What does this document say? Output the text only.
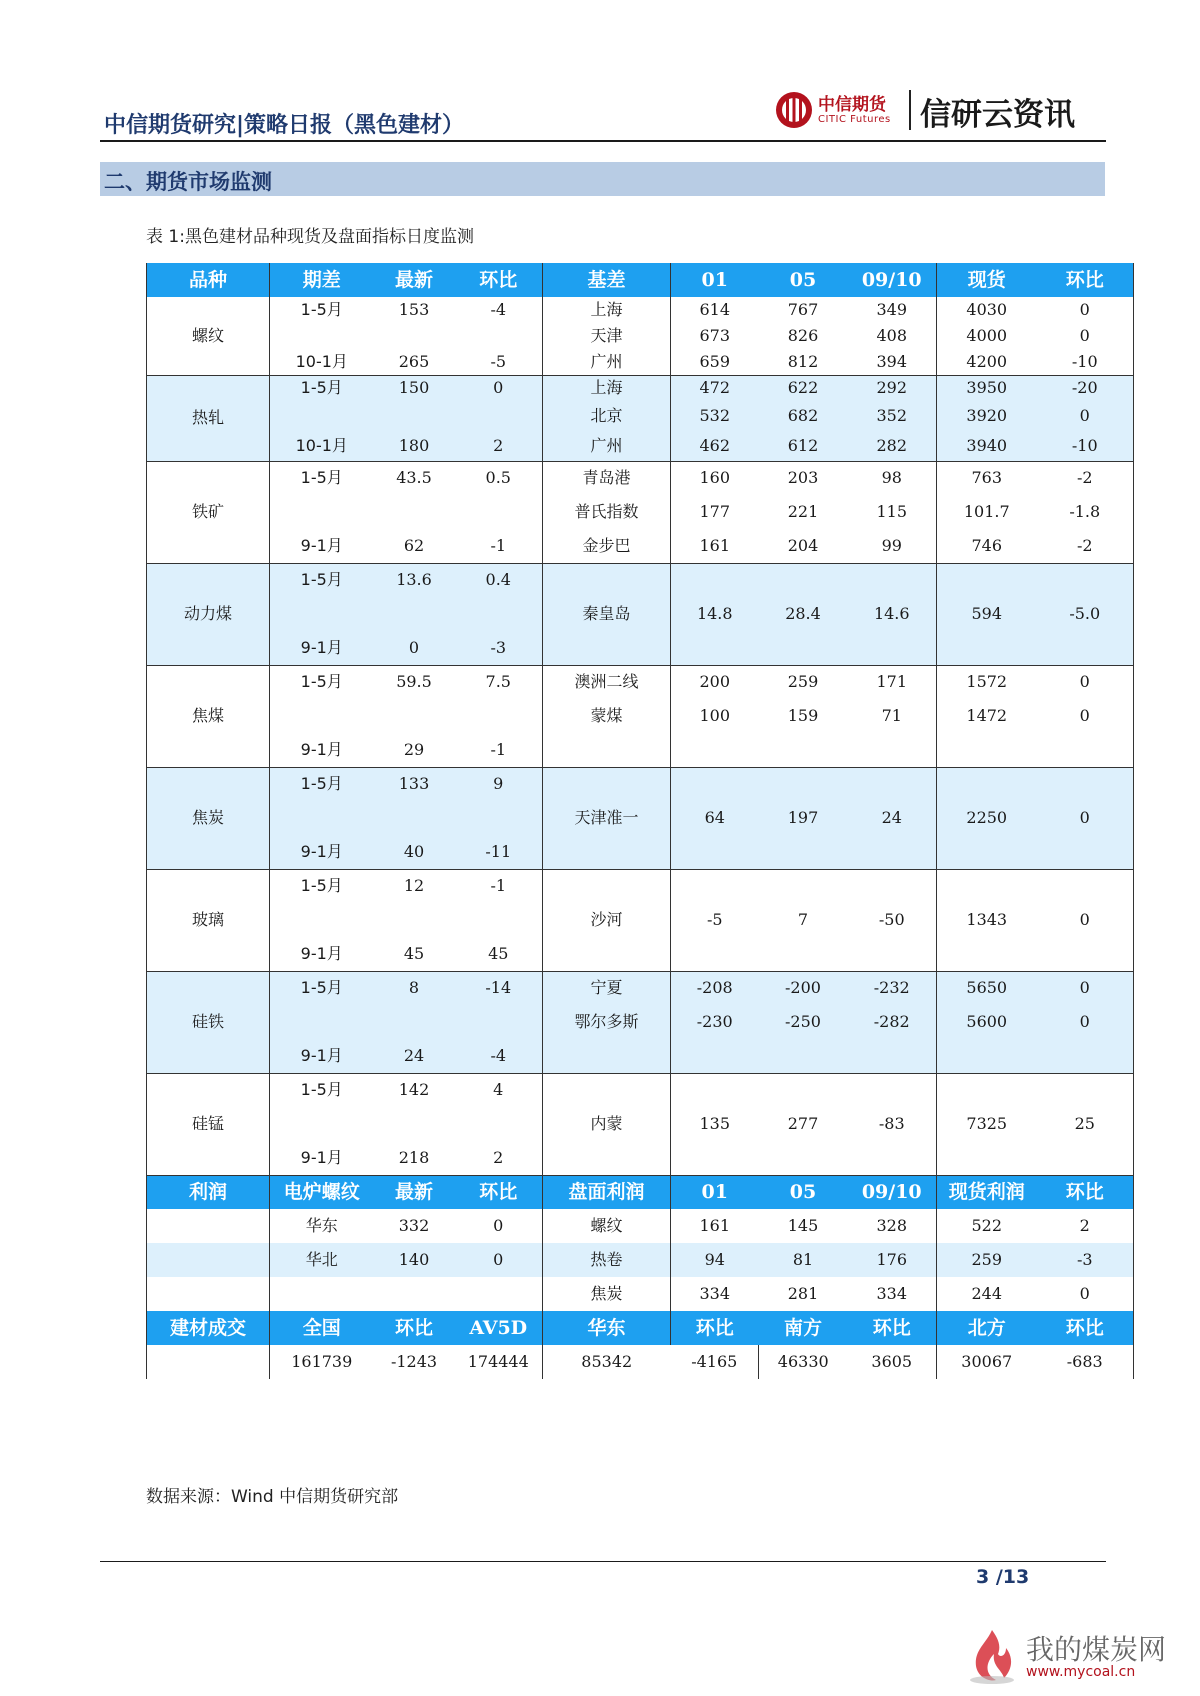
中信期货研究|策略日报（黑色建材）
中信期货
CITIC Futures 信研云资讯
二、期货市场监测
表 1:黑色建材品种现货及盘面指标日度监测
品种	期差	最新	环比	基差	01	05	09/10	现货	环比
螺纹	1-5月	153	-4	上海	614	767	349	4030	0
				天津	673	826	408	4000	0
	10-1月	265	-5	广州	659	812	394	4200	-10
热轧	1-5月	150	0	上海	472	622	292	3950	-20
				北京	532	682	352	3920	0
	10-1月	180	2	广州	462	612	282	3940	-10
铁矿	1-5月	43.5	0.5	青岛港	160	203	98	763	-2
				普氏指数	177	221	115	101.7	-1.8
	9-1月	62	-1	金步巴	161	204	99	746	-2
动力煤	1-5月	13.6	0.4						
				秦皇岛	14.8	28.4	14.6	594	-5.0
	9-1月	0	-3						
焦煤	1-5月	59.5	7.5	澳洲二线	200	259	171	1572	0
				蒙煤	100	159	71	1472	0
	9-1月	29	-1						
焦炭	1-5月	133	9						
				天津准一	64	197	24	2250	0
	9-1月	40	-11						
玻璃	1-5月	12	-1						
				沙河	-5	7	-50	1343	0
	9-1月	45	45						
硅铁	1-5月	8	-14	宁夏	-208	-200	-232	5650	0
				鄂尔多斯	-230	-250	-282	5600	0
	9-1月	24	-4						
硅锰	1-5月	142	4						
				内蒙	135	277	-83	7325	25
	9-1月	218	2						
利润	电炉螺纹	最新	环比	盘面利润	01	05	09/10	现货利润	环比
	华东	332	0	螺纹	161	145	328	522	2
	华北	140	0	热卷	94	81	176	259	-3
				焦炭	334	281	334	244	0
建材成交	全国	环比	AV5D	华东	环比	南方	环比	北方	环比
	161739	-1243	174444	85342	-4165	46330	3605	30067	-683
数据来源：Wind 中信期货研究部
3 /13
我的煤炭网
www.mycoal.cn
